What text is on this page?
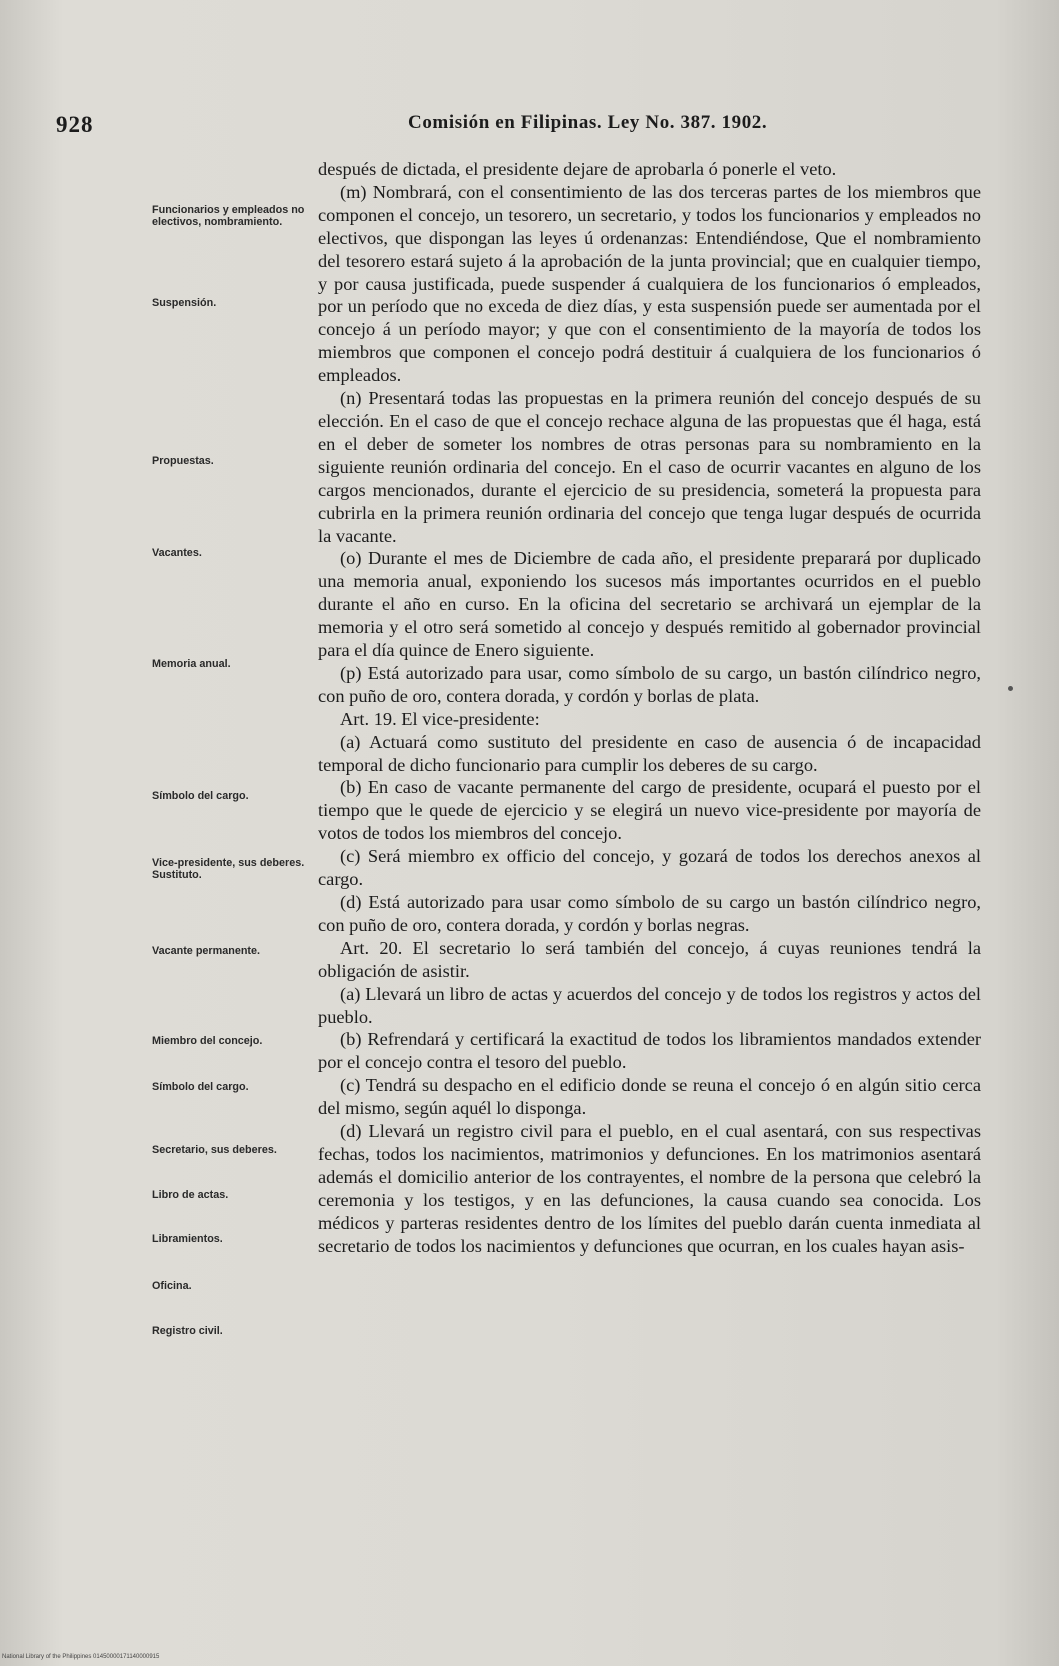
928	Comisión en Filipinas. Ley No. 387. 1902.
Funcionarios y empleados no electivos, nombramiento.
Suspensión.
Propuestas.
Vacantes.
Memoria anual.
Símbolo del cargo.
Vice-presidente, sus deberes. Sustituto.
Vacante permanente.
Miembro del concejo.
Símbolo del cargo.
Secretario, sus deberes.
Libro de actas.
Libramientos.
Oficina.
Registro civil.

después de dictada, el presidente dejare de aprobarla ó ponerle el veto.

(m) Nombrará, con el consentimiento de las dos terceras partes de los miembros que componen el concejo, un tesorero, un secretario, y todos los funcionarios y empleados no electivos, que dispongan las leyes ú ordenanzas: Entendiéndose, Que el nombramiento del tesorero estará sujeto á la aprobación de la junta provincial; que en cualquier tiempo, y por causa justificada, puede suspender á cualquiera de los funcionarios ó empleados, por un período que no exceda de diez días, y esta suspensión puede ser aumentada por el concejo á un período mayor; y que con el consentimiento de la mayoría de todos los miembros que componen el concejo podrá destituir á cualquiera de los funcionarios ó empleados.

(n) Presentará todas las propuestas en la primera reunión del concejo después de su elección. En el caso de que el concejo rechace alguna de las propuestas que él haga, está en el deber de someter los nombres de otras personas para su nombramiento en la siguiente reunión ordinaria del concejo. En el caso de ocurrir vacantes en alguno de los cargos mencionados, durante el ejercicio de su presidencia, someterá la propuesta para cubrirla en la primera reunión ordinaria del concejo que tenga lugar después de ocurrida la vacante.

(o) Durante el mes de Diciembre de cada año, el presidente preparará por duplicado una memoria anual, exponiendo los sucesos más importantes ocurridos en el pueblo durante el año en curso. En la oficina del secretario se archivará un ejemplar de la memoria y el otro será sometido al concejo y después remitido al gobernador provincial para el día quince de Enero siguiente.

(p) Está autorizado para usar, como símbolo de su cargo, un bastón cilíndrico negro, con puño de oro, contera dorada, y cordón y borlas de plata.

Art. 19. El vice-presidente:

(a) Actuará como sustituto del presidente en caso de ausencia ó de incapacidad temporal de dicho funcionario para cumplir los deberes de su cargo.

(b) En caso de vacante permanente del cargo de presidente, ocupará el puesto por el tiempo que le quede de ejercicio y se elegirá un nuevo vice-presidente por mayoría de votos de todos los miembros del concejo.

(c) Será miembro ex officio del concejo, y gozará de todos los derechos anexos al cargo.

(d) Está autorizado para usar como símbolo de su cargo un bastón cilíndrico negro, con puño de oro, contera dorada, y cordón y borlas negras.

Art. 20. El secretario lo será también del concejo, á cuyas reuniones tendrá la obligación de asistir.

(a) Llevará un libro de actas y acuerdos del concejo y de todos los registros y actos del pueblo.

(b) Refrendará y certificará la exactitud de todos los libramientos mandados extender por el concejo contra el tesoro del pueblo.

(c) Tendrá su despacho en el edificio donde se reuna el concejo ó en algún sitio cerca del mismo, según aquél lo disponga.

(d) Llevará un registro civil para el pueblo, en el cual asentará, con sus respectivas fechas, todos los nacimientos, matrimonios y defunciones. En los matrimonios asentará además el domicilio anterior de los contrayentes, el nombre de la persona que celebró la ceremonia y los testigos, y en las defunciones, la causa cuando sea conocida. Los médicos y parteras residentes dentro de los límites del pueblo darán cuenta inmediata al secretario de todos los nacimientos y defunciones que ocurran, en los cuales hayan asis-

National Library of the Philippines 01450000171140000915
